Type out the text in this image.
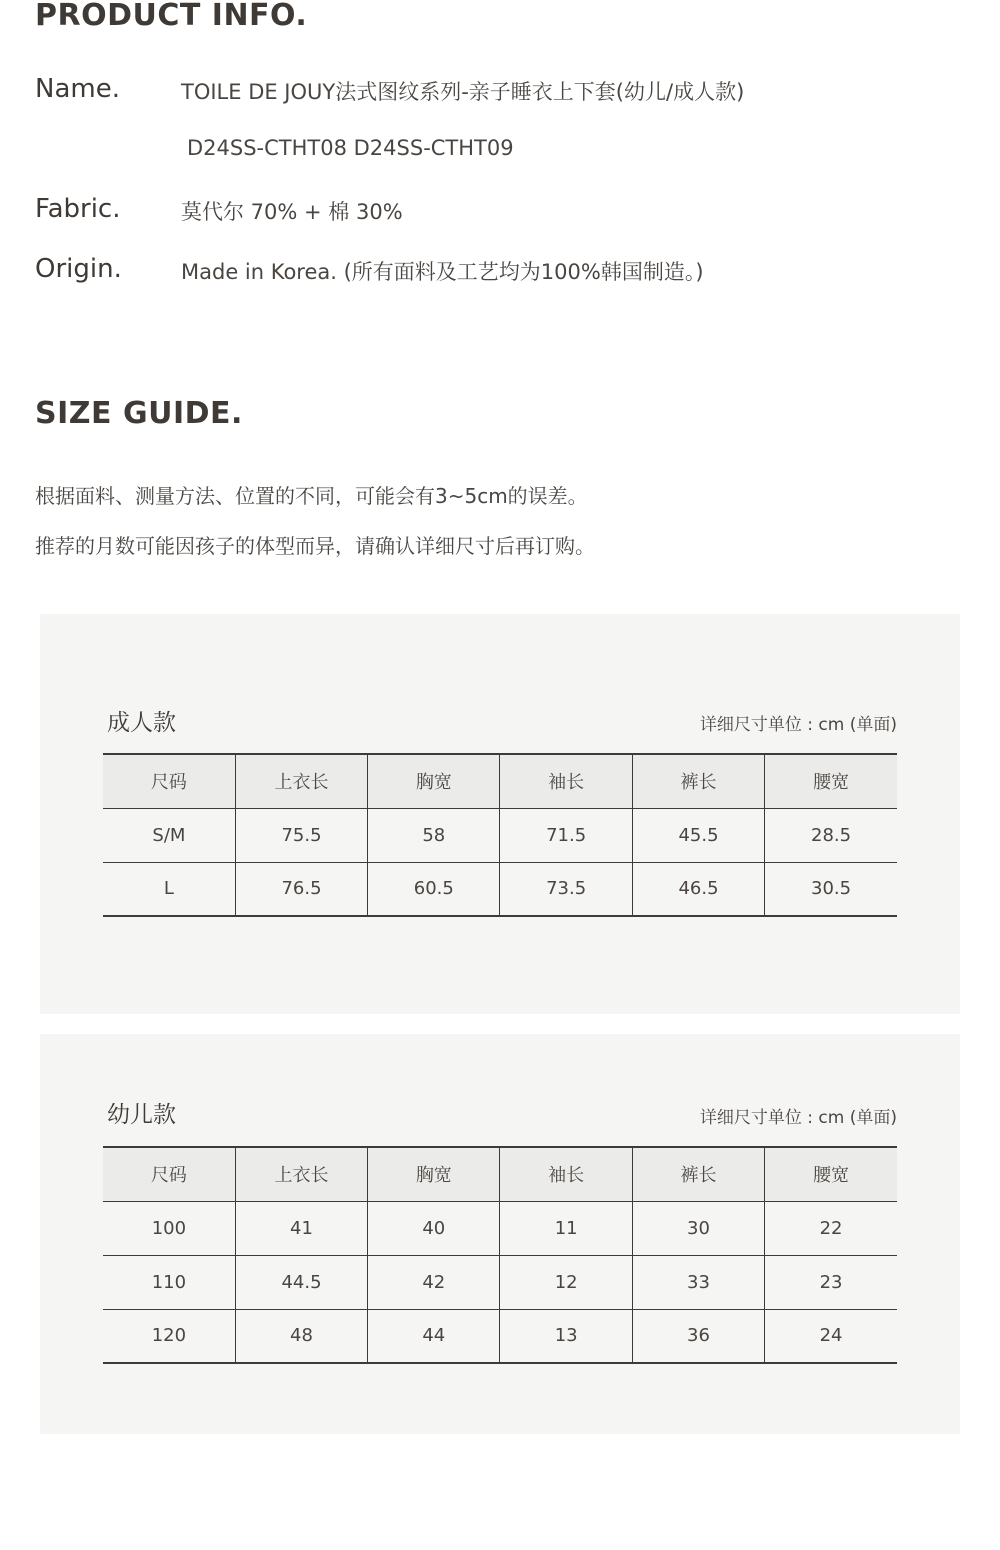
PRODUCT INFO.
Name.	TOILE DE JOUY法式图纹系列-亲子睡衣上下套(幼儿/成人款)
D24SS-CTHT08 D24SS-CTHT09
Fabric.	莫代尔 70% + 棉 30%
Origin.	Made in Korea. (所有面料及工艺均为100%韩国制造。)
SIZE GUIDE.
根据面料、测量方法、位置的不同，可能会有3~5cm的误差。
推荐的月数可能因孩子的体型而异，请确认详细尺寸后再订购。
成人款	详细尺寸单位 : cm (单面)
尺码	上衣长	胸宽	袖长	裤长	腰宽
S/M	75.5	58	71.5	45.5	28.5
L	76.5	60.5	73.5	46.5	30.5
幼儿款	详细尺寸单位 : cm (单面)
尺码	上衣长	胸宽	袖长	裤长	腰宽
100	41	40	11	30	22
110	44.5	42	12	33	23
120	48	44	13	36	24
